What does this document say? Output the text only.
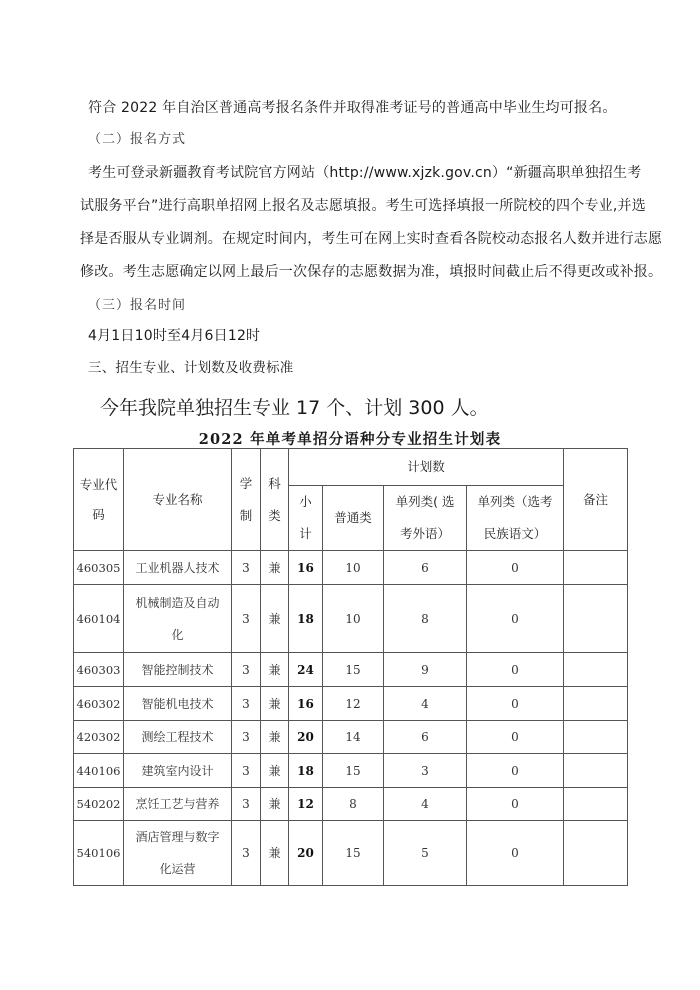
符合 2022 年自治区普通高考报名条件并取得准考证号的普通高中毕业生均可报名。
（二）报名方式
考生可登录新疆教育考试院官方网站（http://www.xjzk.gov.cn）“新疆高职单独招生考
试服务平台”进行高职单招网上报名及志愿填报。考生可选择填报一所院校的四个专业,并选
择是否服从专业调剂。在规定时间内，考生可在网上实时查看各院校动态报名人数并进行志愿
修改。考生志愿确定以网上最后一次保存的志愿数据为准，填报时间截止后不得更改或补报。
（三）报名时间
4月1日10时至4月6日12时
三、招生专业、计划数及收费标准
今年我院单独招生专业 17 个、计划 300 人。
2022 年单考单招分语种分专业招生计划表
专业代码	专业名称	学制	科类	计划数				备注
				小计	普通类	单列类( 选考外语）	单列类（选考民族语文）	
460305	工业机器人技术	3	兼	16	10	6	0	
460104	机械制造及自动化	3	兼	18	10	8	0	
460303	智能控制技术	3	兼	24	15	9	0	
460302	智能机电技术	3	兼	16	12	4	0	
420302	测绘工程技术	3	兼	20	14	6	0	
440106	建筑室内设计	3	兼	18	15	3	0	
540202	烹饪工艺与营养	3	兼	12	8	4	0	
540106	酒店管理与数字化运营	3	兼	20	15	5	0	
